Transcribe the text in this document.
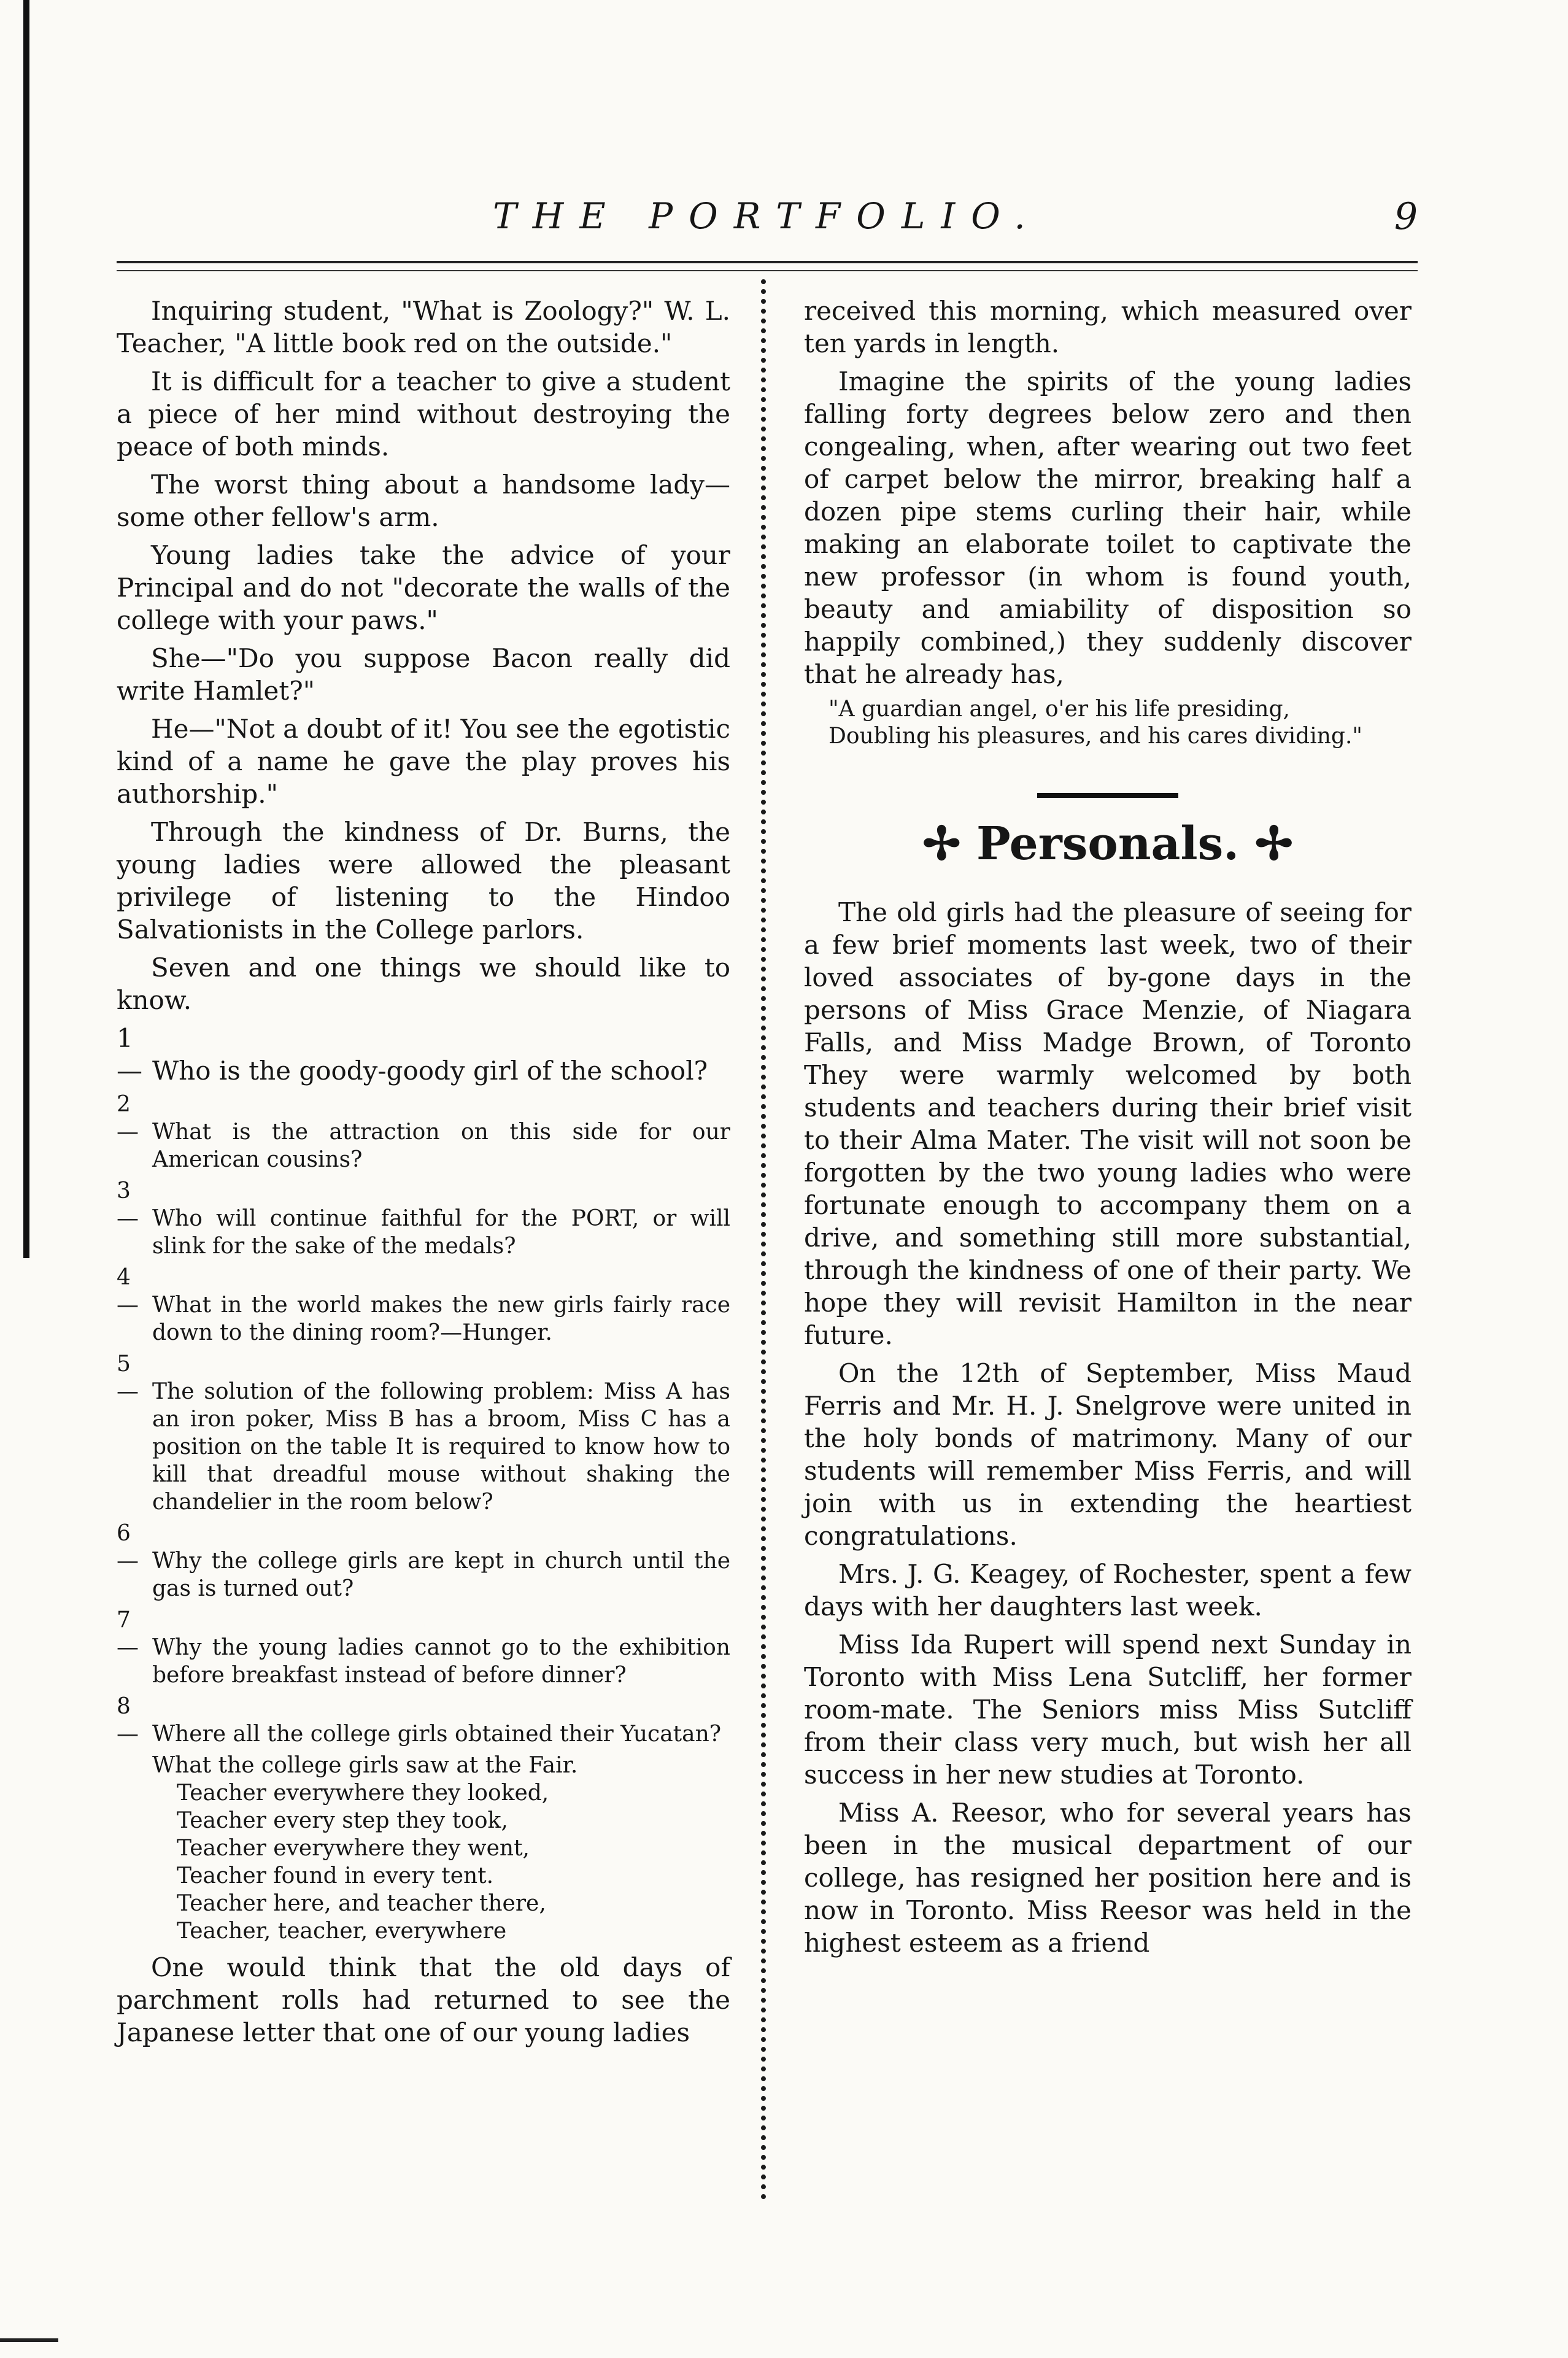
THE PORTFOLIO.	9

Inquiring student, "What is Zoology?" W. L. Teacher, "A little book red on the outside."

It is difficult for a teacher to give a student a piece of her mind without destroying the peace of both minds.

The worst thing about a handsome lady—some other fellow's arm.

Young ladies take the advice of your Principal and do not "decorate the walls of the college with your paws."

She—"Do you suppose Bacon really did write Hamlet?"

He—"Not a doubt of it! You see the egotistic kind of a name he gave the play proves his authorship."

Through the kindness of Dr. Burns, the young ladies were allowed the pleasant privilege of listening to the Hindoo Salvationists in the College parlors.

Seven and one things we should like to know.

1— Who is the goody-goody girl of the school?

2— What is the attraction on this side for our American cousins?

3— Who will continue faithful for the PORT, or will slink for the sake of the medals?

4— What in the world makes the new girls fairly race down to the dining room?—Hunger.

5— The solution of the following problem: Miss A has an iron poker, Miss B has a broom, Miss C has a position on the table It is required to know how to kill that dreadful mouse without shaking the chandelier in the room below?

6— Why the college girls are kept in church until the gas is turned out?

7— Why the young ladies cannot go to the exhibition before breakfast instead of before dinner?

8— Where all the college girls obtained their Yucatan?

What the college girls saw at the Fair.
Teacher everywhere they looked,
Teacher every step they took,
Teacher everywhere they went,
Teacher found in every tent.
Teacher here, and teacher there,
Teacher, teacher, everywhere

One would think that the old days of parchment rolls had returned to see the Japanese letter that one of our young ladies

received this morning, which measured over ten yards in length.

Imagine the spirits of the young ladies falling forty degrees below zero and then congealing, when, after wearing out two feet of carpet below the mirror, breaking half a dozen pipe stems curling their hair, while making an elaborate toilet to captivate the new professor (in whom is found youth, beauty and amiability of disposition so happily combined,) they suddenly discover that he already has,

"A guardian angel, o'er his life presiding,
Doubling his pleasures, and his cares dividing."
✢ Personals. ✢

The old girls had the pleasure of seeing for a few brief moments last week, two of their loved associates of by-gone days in the persons of Miss Grace Menzie, of Niagara Falls, and Miss Madge Brown, of Toronto They were warmly welcomed by both students and teachers during their brief visit to their Alma Mater. The visit will not soon be forgotten by the two young ladies who were fortunate enough to accompany them on a drive, and something still more substantial, through the kindness of one of their party. We hope they will revisit Hamilton in the near future.

On the 12th of September, Miss Maud Ferris and Mr. H. J. Snelgrove were united in the holy bonds of matrimony. Many of our students will remember Miss Ferris, and will join with us in extending the heartiest congratulations.

Mrs. J. G. Keagey, of Rochester, spent a few days with her daughters last week.

Miss Ida Rupert will spend next Sunday in Toronto with Miss Lena Sutcliff, her former room-mate. The Seniors miss Miss Sutcliff from their class very much, but wish her all success in her new studies at Toronto.

Miss A. Reesor, who for several years has been in the musical department of our college, has resigned her position here and is now in Toronto. Miss Reesor was held in the highest esteem as a friend
